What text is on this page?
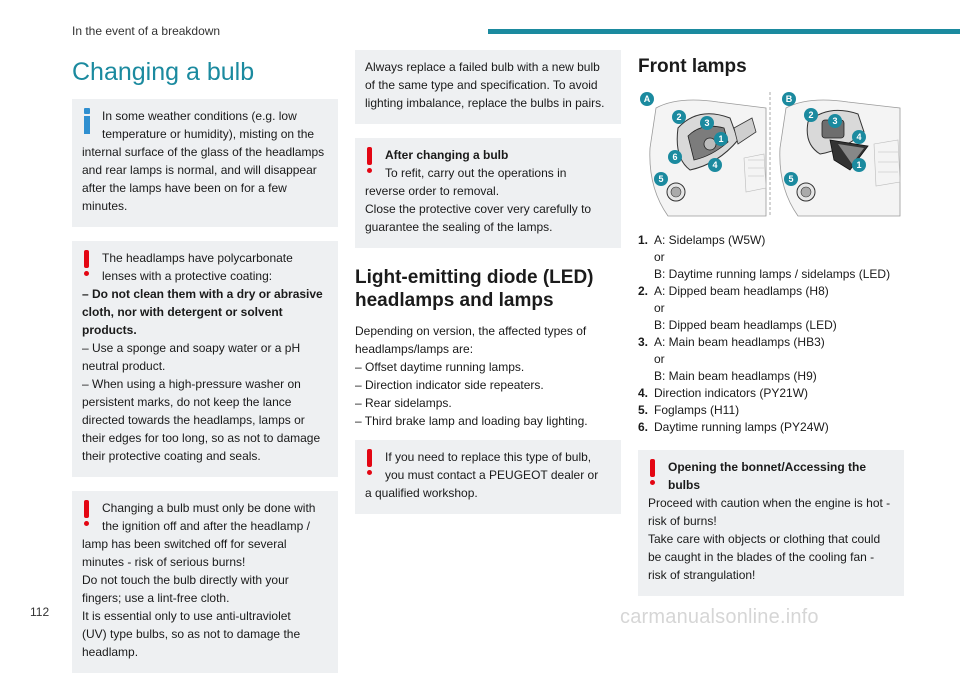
In the event of a breakdown
Changing a bulb
In some weather conditions (e.g. low
temperature or humidity), misting on the
internal surface of the glass of the headlamps
and rear lamps is normal, and will disappear
after the lamps have been on for a few
minutes.
The headlamps have polycarbonate
lenses with a protective coating:
– Do not clean them with a dry or abrasive
cloth, nor with detergent or solvent
products.
– Use a sponge and soapy water or a pH
neutral product.
– When using a high-pressure washer on
persistent marks, do not keep the lance
directed towards the headlamps, lamps or
their edges for too long, so as not to damage
their protective coating and seals.
Changing a bulb must only be done with
the ignition off and after the headlamp /
lamp has been switched off for several
minutes - risk of serious burns!
Do not touch the bulb directly with your
fingers; use a lint-free cloth.
It is essential only to use anti-ultraviolet
(UV) type bulbs, so as not to damage the
headlamp.
Always replace a failed bulb with a new bulb
of the same type and specification. To avoid
lighting imbalance, replace the bulbs in pairs.
After changing a bulb
To refit, carry out the operations in
reverse order to removal.
Close the protective cover very carefully to
guarantee the sealing of the lamps.
Light-emitting diode (LED)
headlamps and lamps
Depending on version, the affected types of
headlamps/lamps are:
– Offset daytime running lamps.
– Direction indicator side repeaters.
– Rear sidelamps.
– Third brake lamp and loading bay lighting.
If you need to replace this type of bulb,
you must contact a PEUGEOT dealer or
a qualified workshop.
Front lamps
A
2
3
1
6
4
5
B
2
3
4
1
5
1. A: Sidelamps (W5W)
or
B: Daytime running lamps / sidelamps (LED)
2. A: Dipped beam headlamps (H8)
or
B: Dipped beam headlamps (LED)
3. A: Main beam headlamps (HB3)
or
B: Main beam headlamps (H9)
4. Direction indicators (PY21W)
5. Foglamps (H11)
6. Daytime running lamps (PY24W)
Opening the bonnet/Accessing the
bulbs
Proceed with caution when the engine is hot -
risk of burns!
Take care with objects or clothing that could
be caught in the blades of the cooling fan -
risk of strangulation!
112	carmanualsonline.info
